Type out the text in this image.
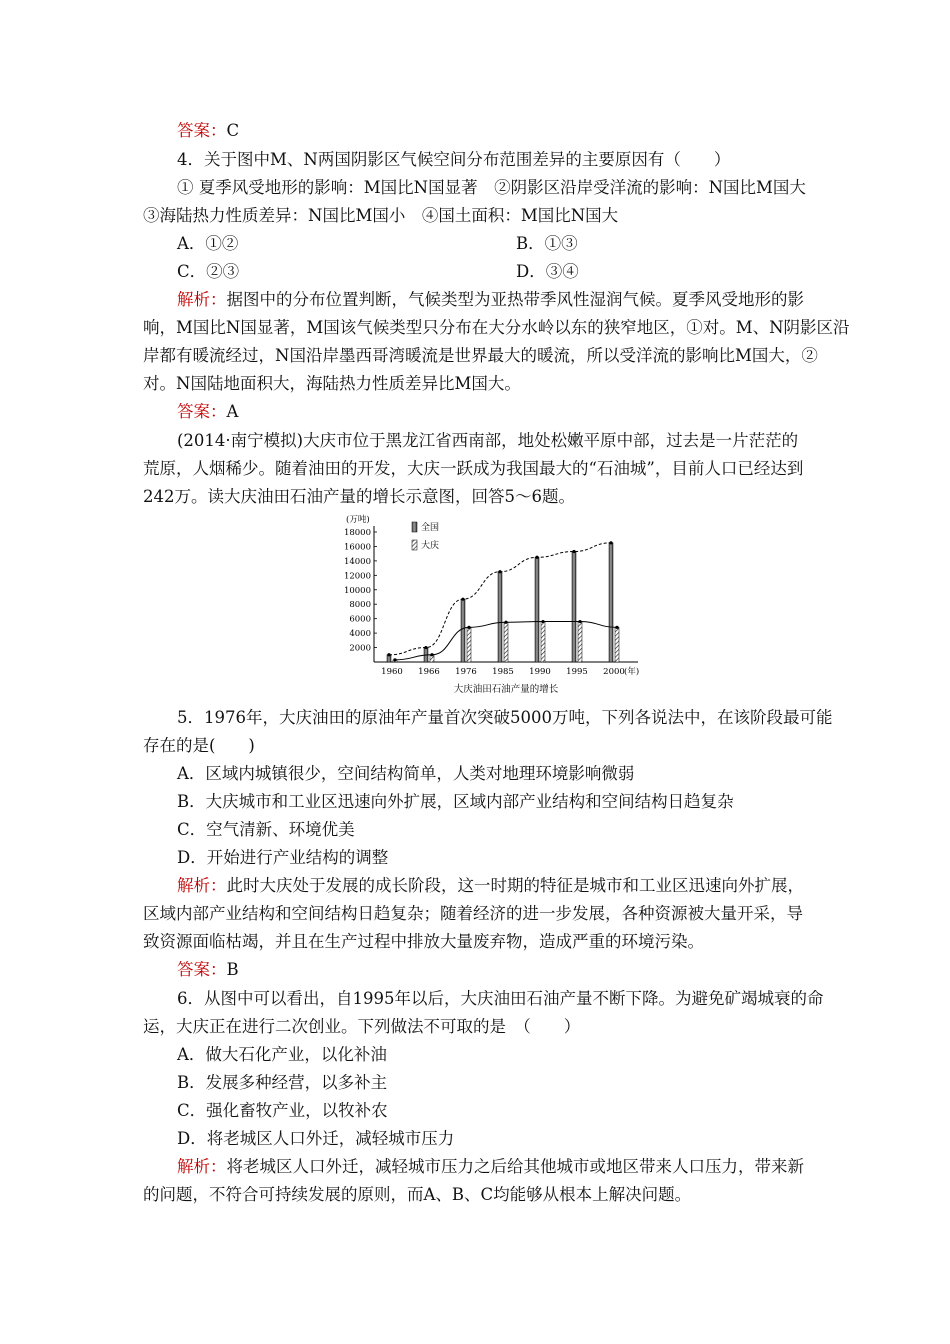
答案：C
4．关于图中M、N两国阴影区气候空间分布范围差异的主要原因有（　　）
① 夏季风受地形的影响：M国比N国显著　②阴影区沿岸受洋流的影响：N国比M国大
③海陆热力性质差异：N国比M国小　④国土面积：M国比N国大
A．①②	B．①③
C．②③	D．③④
解析：据图中的分布位置判断，气候类型为亚热带季风性湿润气候。夏季风受地形的影
响，M国比N国显著，M国该气候类型只分布在大分水岭以东的狭窄地区，①对。M、N阴影区沿
岸都有暖流经过，N国沿岸墨西哥湾暖流是世界最大的暖流，所以受洋流的影响比M国大，②
对。N国陆地面积大，海陆热力性质差异比M国大。
答案：A
(2014·南宁模拟)大庆市位于黑龙江省西南部，地处松嫩平原中部，过去是一片茫茫的
荒原，人烟稀少。随着油田的开发，大庆一跃成为我国最大的“石油城”，目前人口已经达到
242万。读大庆油田石油产量的增长示意图，回答5～6题。
2000
4000
6000
8000
10000
12000
14000
16000
18000
(万吨)
1960 1966 1976 1985 1990 1995 2000 (年)
全国
大庆
大庆油田石油产量的增长
5．1976年，大庆油田的原油年产量首次突破5000万吨，下列各说法中，在该阶段最可能
存在的是(　　)
A．区域内城镇很少，空间结构简单，人类对地理环境影响微弱
B．大庆城市和工业区迅速向外扩展，区域内部产业结构和空间结构日趋复杂
C．空气清新、环境优美
D．开始进行产业结构的调整
解析：此时大庆处于发展的成长阶段，这一时期的特征是城市和工业区迅速向外扩展，
区域内部产业结构和空间结构日趋复杂；随着经济的进一步发展，各种资源被大量开采，导
致资源面临枯竭，并且在生产过程中排放大量废弃物，造成严重的环境污染。
答案：B
6．从图中可以看出，自1995年以后，大庆油田石油产量不断下降。为避免矿竭城衰的命
运，大庆正在进行二次创业。下列做法不可取的是　（　　）
A．做大石化产业，以化补油
B．发展多种经营，以多补主
C．强化畜牧产业，以牧补农
D．将老城区人口外迁，减轻城市压力
解析：将老城区人口外迁，减轻城市压力之后给其他城市或地区带来人口压力，带来新
的问题，不符合可持续发展的原则，而A、B、C均能够从根本上解决问题。
